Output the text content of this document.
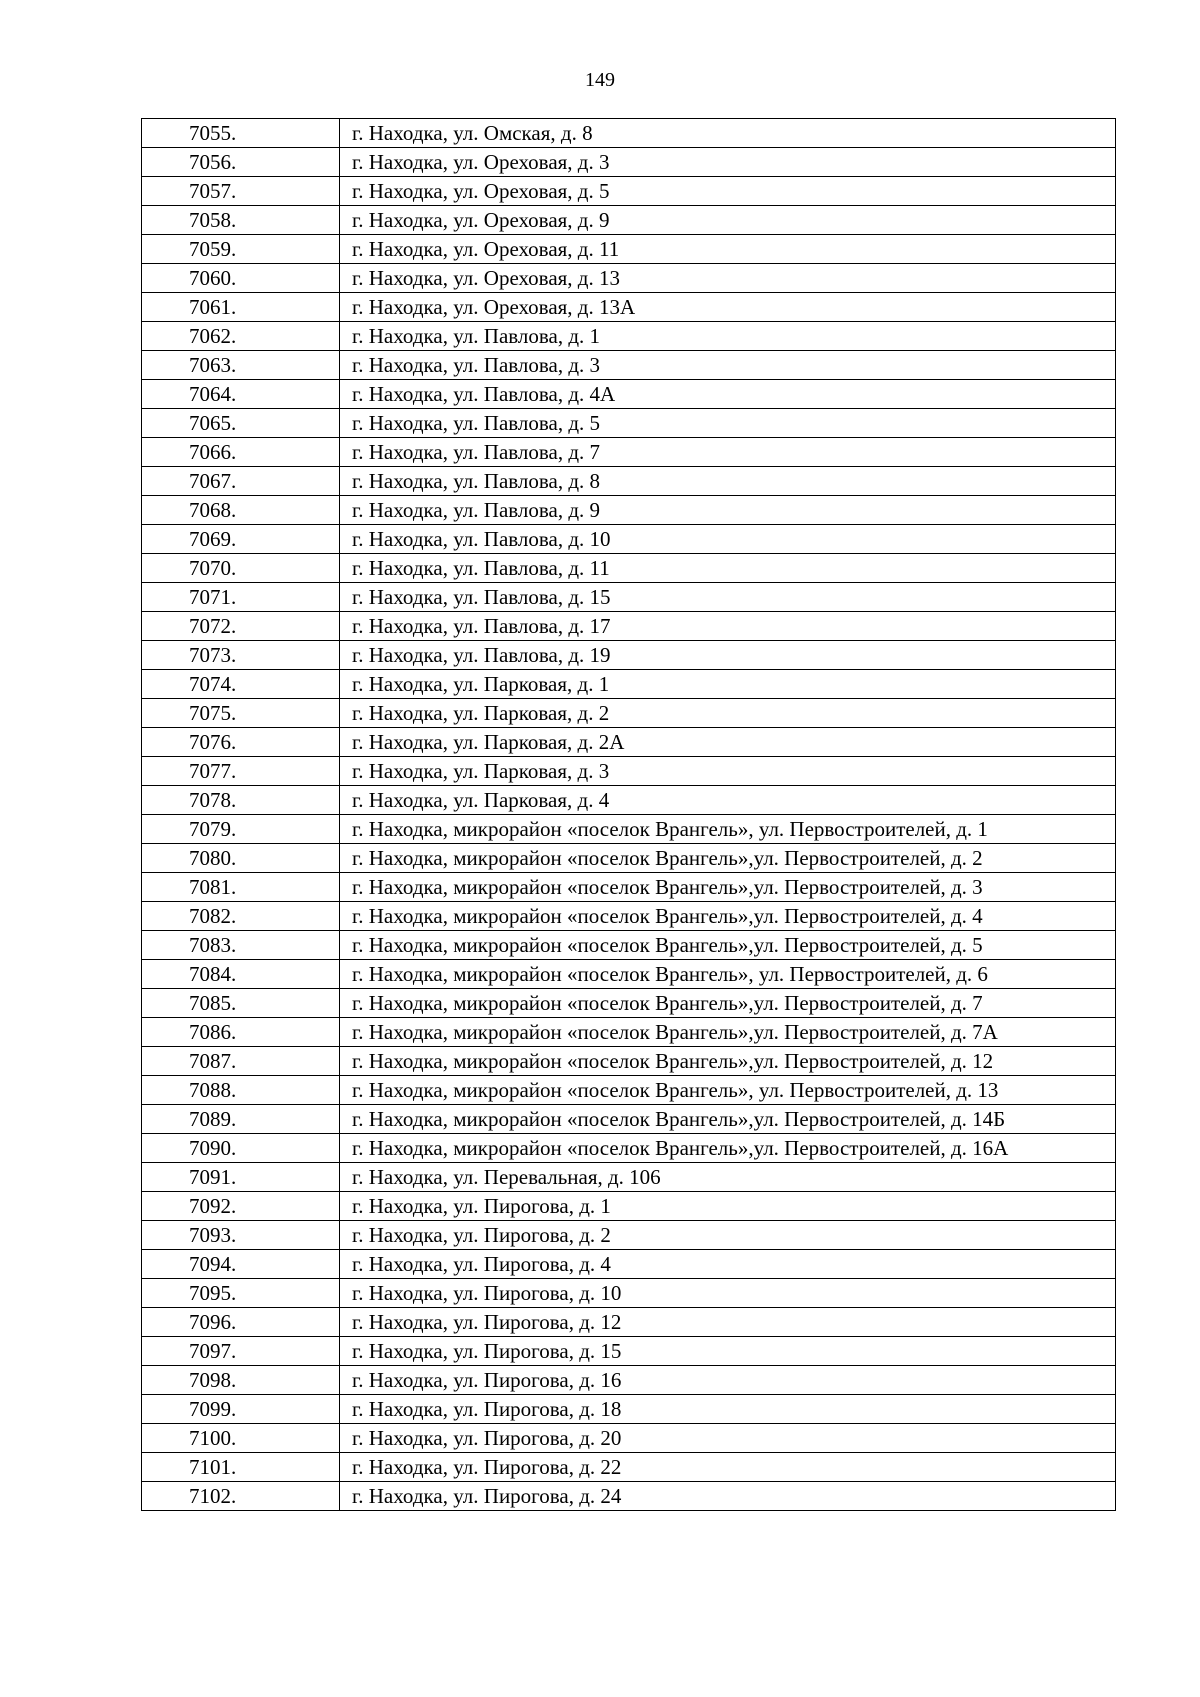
149
7055.	г. Находка, ул. Омская, д. 8
7056.	г. Находка, ул. Ореховая, д. 3
7057.	г. Находка, ул. Ореховая, д. 5
7058.	г. Находка, ул. Ореховая, д. 9
7059.	г. Находка, ул. Ореховая, д. 11
7060.	г. Находка, ул. Ореховая, д. 13
7061.	г. Находка, ул. Ореховая, д. 13А
7062.	г. Находка, ул. Павлова, д. 1
7063.	г. Находка, ул. Павлова, д. 3
7064.	г. Находка, ул. Павлова, д. 4А
7065.	г. Находка, ул. Павлова, д. 5
7066.	г. Находка, ул. Павлова, д. 7
7067.	г. Находка, ул. Павлова, д. 8
7068.	г. Находка, ул. Павлова, д. 9
7069.	г. Находка, ул. Павлова, д. 10
7070.	г. Находка, ул. Павлова, д. 11
7071.	г. Находка, ул. Павлова, д. 15
7072.	г. Находка, ул. Павлова, д. 17
7073.	г. Находка, ул. Павлова, д. 19
7074.	г. Находка, ул. Парковая, д. 1
7075.	г. Находка, ул. Парковая, д. 2
7076.	г. Находка, ул. Парковая, д. 2А
7077.	г. Находка, ул. Парковая, д. 3
7078.	г. Находка, ул. Парковая, д. 4
7079.	г. Находка, микрорайон «поселок Врангель», ул. Первостроителей, д. 1
7080.	г. Находка, микрорайон «поселок Врангель»,ул. Первостроителей, д. 2
7081.	г. Находка, микрорайон «поселок Врангель»,ул. Первостроителей, д. 3
7082.	г. Находка, микрорайон «поселок Врангель»,ул. Первостроителей, д. 4
7083.	г. Находка, микрорайон «поселок Врангель»,ул. Первостроителей, д. 5
7084.	г. Находка, микрорайон «поселок Врангель», ул. Первостроителей, д. 6
7085.	г. Находка, микрорайон «поселок Врангель»,ул. Первостроителей, д. 7
7086.	г. Находка, микрорайон «поселок Врангель»,ул. Первостроителей, д. 7А
7087.	г. Находка, микрорайон «поселок Врангель»,ул. Первостроителей, д. 12
7088.	г. Находка, микрорайон «поселок Врангель», ул. Первостроителей, д. 13
7089.	г. Находка, микрорайон «поселок Врангель»,ул. Первостроителей, д. 14Б
7090.	г. Находка, микрорайон «поселок Врангель»,ул. Первостроителей, д. 16А
7091.	г. Находка, ул. Перевальная, д. 106
7092.	г. Находка, ул. Пирогова, д. 1
7093.	г. Находка, ул. Пирогова, д. 2
7094.	г. Находка, ул. Пирогова, д. 4
7095.	г. Находка, ул. Пирогова, д. 10
7096.	г. Находка, ул. Пирогова, д. 12
7097.	г. Находка, ул. Пирогова, д. 15
7098.	г. Находка, ул. Пирогова, д. 16
7099.	г. Находка, ул. Пирогова, д. 18
7100.	г. Находка, ул. Пирогова, д. 20
7101.	г. Находка, ул. Пирогова, д. 22
7102.	г. Находка, ул. Пирогова, д. 24
